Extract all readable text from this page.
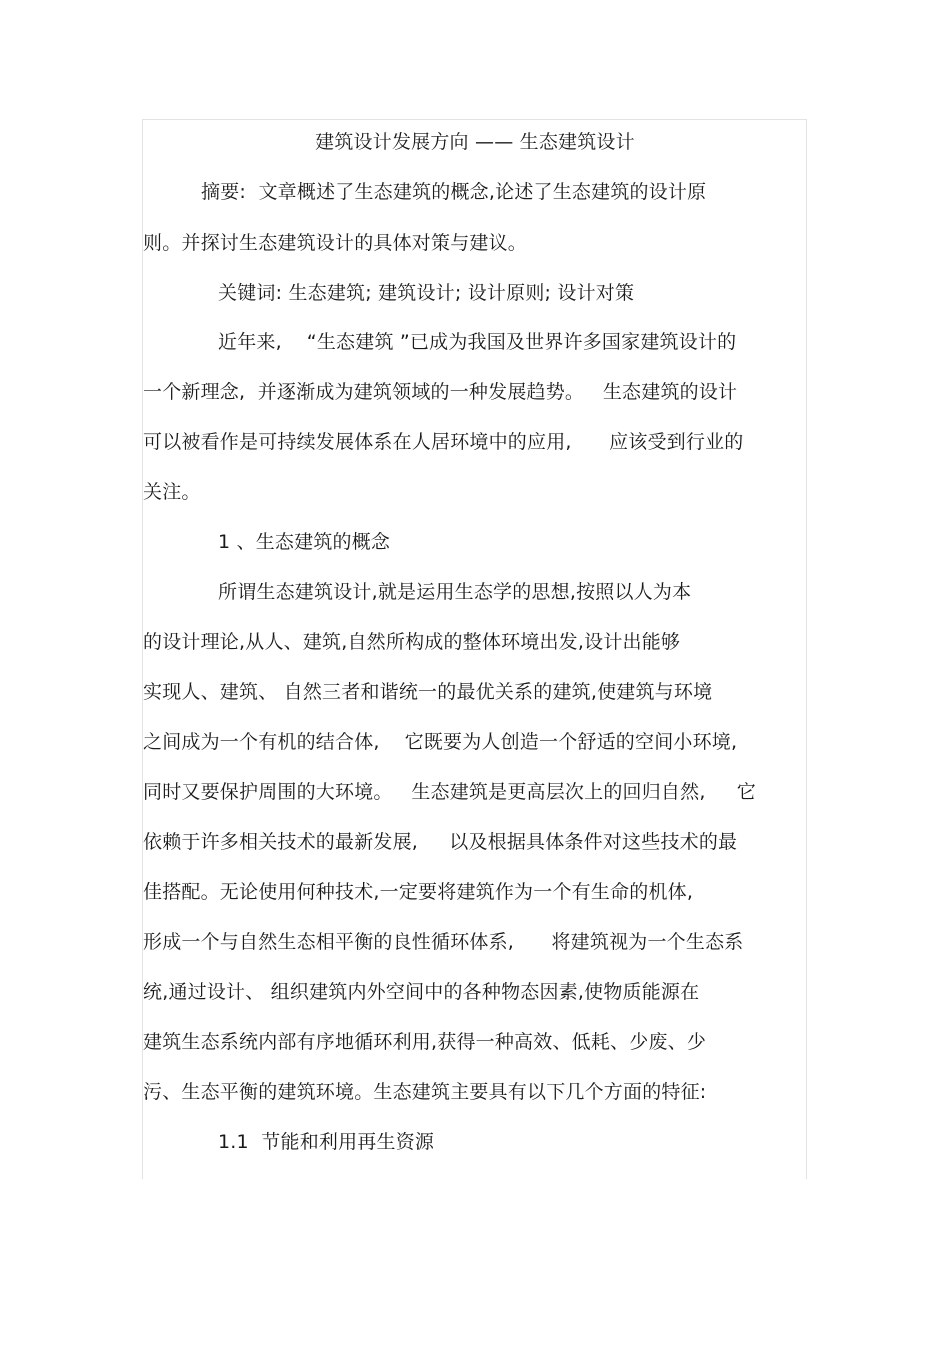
建筑设计发展方向 —— 生态建筑设计
摘要:  文章概述了生态建筑的概念,论述了生态建筑的设计原
则。并探讨生态建筑设计的具体对策与建议。
关键词: 生态建筑; 建筑设计; 设计原则; 设计对策
近年来,    “生态建筑 ”已成为我国及世界许多国家建筑设计的
一个新理念,  并逐渐成为建筑领域的一种发展趋势。   生态建筑的设计
可以被看作是可持续发展体系在人居环境中的应用,      应该受到行业的
关注。
1 、生态建筑的概念
所谓生态建筑设计,就是运用生态学的思想,按照以人为本
的设计理论,从人、建筑,自然所构成的整体环境出发,设计出能够
实现人、建筑、 自然三者和谐统一的最优关系的建筑,使建筑与环境
之间成为一个有机的结合体,    它既要为人创造一个舒适的空间小环境,
同时又要保护周围的大环境。   生态建筑是更高层次上的回归自然,     它
依赖于许多相关技术的最新发展,     以及根据具体条件对这些技术的最
佳搭配。无论使用何种技术,一定要将建筑作为一个有生命的机体,
形成一个与自然生态相平衡的良性循环体系,      将建筑视为一个生态系
统,通过设计、 组织建筑内外空间中的各种物态因素,使物质能源在
建筑生态系统内部有序地循环利用,获得一种高效、低耗、少废、少
污、生态平衡的建筑环境。生态建筑主要具有以下几个方面的特征:
1.1  节能和利用再生资源
